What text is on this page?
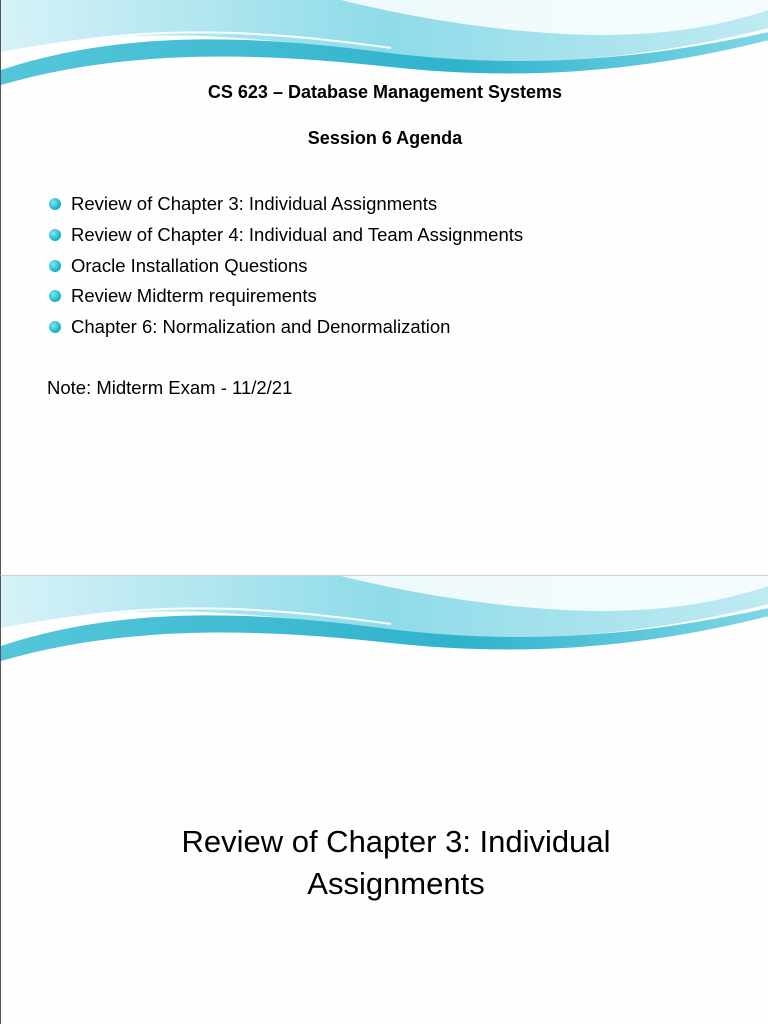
CS 623 – Database Management Systems
Session 6 Agenda
Review of Chapter 3: Individual Assignments
Review of Chapter 4: Individual and Team Assignments
Oracle Installation Questions
Review Midterm requirements
Chapter 6: Normalization and Denormalization
Note: Midterm Exam - 11/2/21
Review of Chapter 3: Individual
Assignments
